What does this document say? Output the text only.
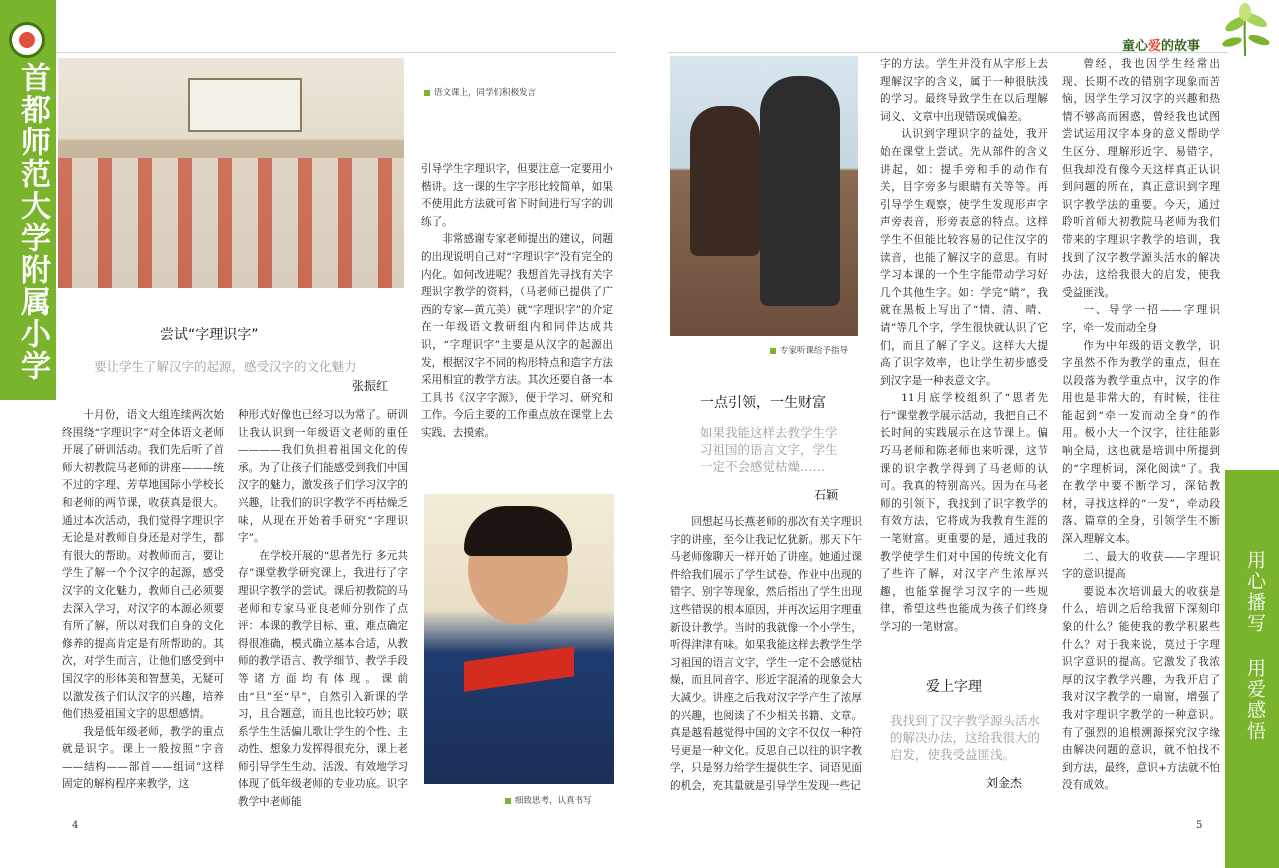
首都师范大学附属小学	语文课上，同学们积极发言
尝试“字理识字”
要让学生了解汉字的起源，感受汉字的文化魅力
张振红

十月份，语文大组连续两次始终围绕“字理识字”对全体语文老师开展了研训活动。我们先后听了首师大初教院马老师的讲座———统不过的字理、芳草地国际小学校长和老师的两节课，收获真是很大。通过本次活动，我们觉得字理识字无论是对教师自身还是对学生，都有很大的帮助。对教师而言，要让学生了解一个个汉字的起源，感受汉字的文化魅力，教师自己必须要去深入学习，对汉字的本源必须要有所了解，所以对我们自身的文化修养的提高肯定是有所帮助的。其次，对学生而言，让他们感受到中国汉字的形体美和智慧美，无疑可以激发孩子们认汉字的兴趣，培养他们热爱祖国文字的思想感情。

我是低年级老师，教学的重点就是识字。课上一般按照“字音——结构——部首——组词”这样固定的解构程序来教学，这

种形式好像也已经习以为常了。研训让我认识到一年级语文老师的重任————我们负担着祖国文化的传承。为了让孩子们能感受到我们中国汉字的魅力，激发孩子们学习汉字的兴趣，让我们的识字教学不再枯燥乏味，从现在开始着手研究“字理识字”。

在学校开展的“思者先行 多元共存”课堂教学研究课上，我进行了字理识字教学的尝试。课后初教院的马老师和专家马亚良老师分别作了点评：本课的教学目标、重、难点确定得很准确，模式确立基本合适，从教师的教学语言、教学细节、教学手段等诸方面均有体现。课前由“旦”至“早”，自然引入新课的学习，且合题意，而且也比较巧妙；联系学生生活偏儿歌让学生的个性、主动性、想象力发挥得很充分，课上老师引导学生生动、活泼、有效地学习体现了低年级老师的专业功底。识字教学中老师能

引导学生字理识字，但要注意一定要用小楷讲。这一课的生字字形比较简单，如果不使用此方法就可省下时间进行写字的训练了。

非常感谢专家老师提出的建议，问题的出现说明自己对“字理识字”没有完全的内化。如何改进呢？我想首先寻找有关字理识字教学的资料，（马老师已提供了广西的专家—黄亢美）就“字理识字”的介定在一年级语文教研组内和同伴达成共识，“字理识字”主要是从汉字的起源出发，根据汉字不同的构形特点和造字方法采用相宜的教学方法。其次还要自备一本工具书《汉字字源》，便于学习、研究和工作。今后主要的工作重点放在课堂上去实践、去摸索。

细致思考，认真书写
4
童心爱的故事
专家听课给予指导
一点引领，一生财富
如果我能这样去教学生学习祖国的语言文字，学生一定不会感觉枯燥……
石颖

回想起马长燕老师的那次有关字理识字的讲座，至今让我记忆犹新。那天下午马老师像聊天一样开始了讲座。她通过课件给我们展示了学生试卷、作业中出现的错字、别字等现象，然后指出了学生出现这些错误的根本原因，并再次运用字理重新设计教学。当时的我就像一个小学生，听得津津有味。如果我能这样去教学生学习祖国的语言文字，学生一定不会感觉枯燥，而且同音字、形近字混淆的现象会大大减少。讲座之后我对汉字学产生了浓厚的兴趣，也阅读了不少相关书籍、文章。真是越看越觉得中国的文字不仅仅一种符号更是一种文化。反思自己以往的识字教学，只是努力给学生提供生字、词语见面的机会，充其量就是引导学生发现一些记

字的方法。学生并没有从字形上去理解汉字的含义，属于一种很肤浅的学习。最终导致学生在以后理解词义、文章中出现错误或偏差。

认识到字理识字的益处，我开始在课堂上尝试。先从部件的含义讲起，如：提手旁和手的动作有关，目字旁多与眼睛有关等等。再引导学生观察，使学生发现形声字声旁表音，形旁表意的特点。这样学生不但能比较容易的记住汉字的读音，也能了解汉字的意思。有时学习本课的一个生字能带动学习好几个其他生字。如：学完“睛”，我就在黑板上写出了“情、清、晴、请”等几个字，学生很快就认识了它们，而且了解了字义。这样大大提高了识字效率，也让学生初步感受到汉字是一种表意文字。

11月底学校组织了“思者先行”课堂教学展示活动，我把自己不长时间的实践展示在这节课上。偏巧马老师和陈老师也来听课，这节课的识字教学得到了马老师的认可。我真的特别高兴。因为在马老师的引领下，我找到了识字教学的有效方法，它将成为我教育生涯的一笔财富。更重要的是，通过我的教学使学生们对中国的传统文化有了些许了解，对汉字产生浓厚兴趣，也能掌握学习汉字的一些规律，希望这些也能成为孩子们终身学习的一笔财富。

爱上字理
我找到了汉字教学源头活水的解决办法，这给我很大的启发，使我受益匪浅。
刘金杰

曾经，我也因学生经常出现、长期不改的错别字现象而苦恼，因学生学习汉字的兴趣和热情不够高而困惑，曾经我也试图尝试运用汉字本身的意义帮助学生区分、理解形近字、易错字，但我却没有像今天这样真正认识到问题的所在，真正意识到字理识字教学法的重要。今天，通过聆听首师大初教院马老师为我们带来的字理识字教学的培训，我找到了汉字教学源头活水的解决办法，这给我很大的启发，使我受益匪浅。

一、导学一招——字理识字，牵一发而动全身

作为中年级的语文教学，识字虽然不作为教学的重点，但在以段落为教学重点中，汉字的作用也是非常大的，有时候，往往能起到“牵一发而动全身”的作用。极小大一个汉字，往往能影响全局，这也就是培训中所提到的“字理析词，深化阅读”了。我在教学中要不断学习，深钻教材，寻找这样的“一发”，牵动段落、篇章的全身，引领学生不断深入理解文本。

二、最大的收获——字理识字的意识提高

要说本次培训最大的收获是什么，培训之后给我留下深刻印象的什么？能使我的教学积累些什么？对于我来说，莫过于字理识字意识的提高。它激发了我浓厚的汉字教学兴趣，为我开启了我对汉字教学的一扇窗，增强了我对字理识字教学的一种意识。有了强烈的追根溯源探究汉字缘由解决问题的意识，就不怕找不到方法，最终，意识+方法就不怕没有成效。

用心播写 用爱感悟
5
